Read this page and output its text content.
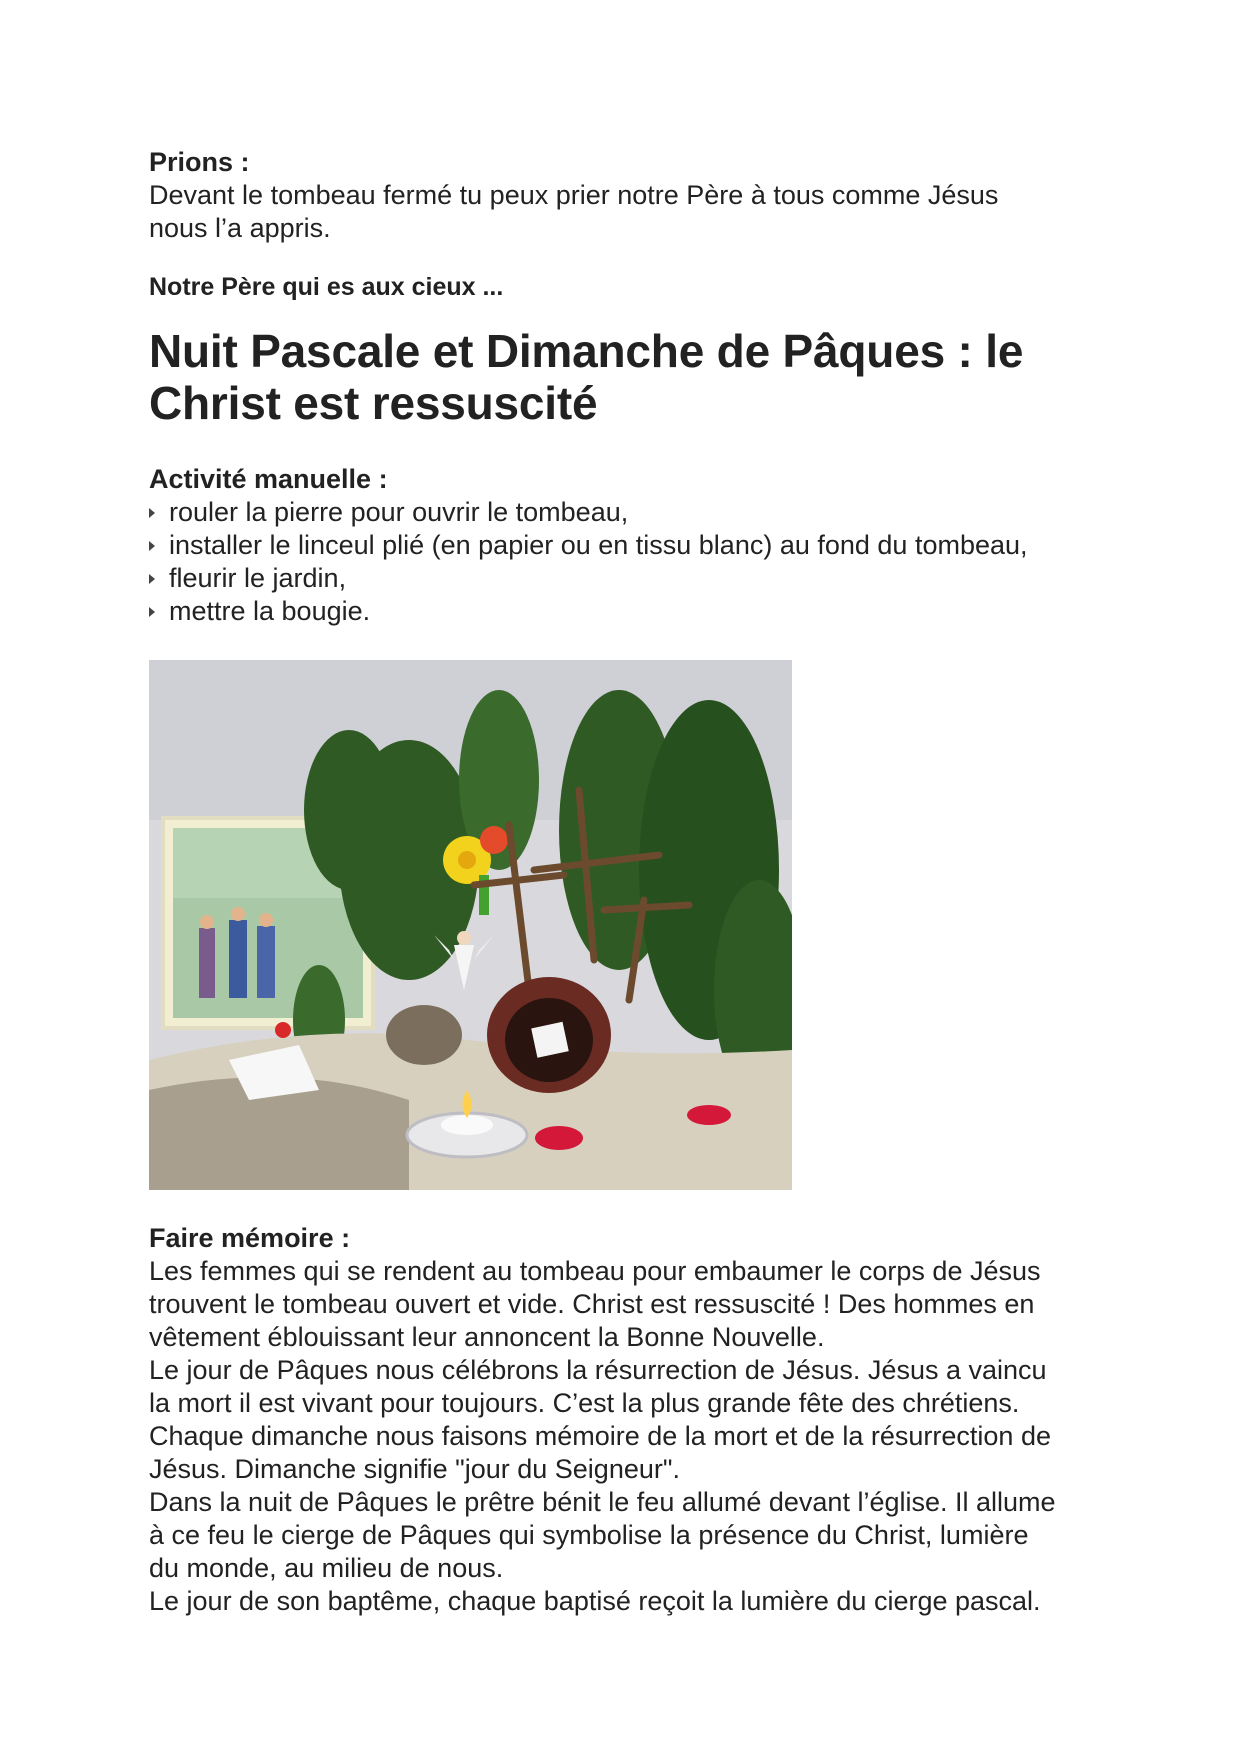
Prions :

Devant le tombeau fermé tu peux prier notre Père à tous comme Jésus

nous l’a appris.

Notre Père qui es aux cieux ...

Nuit Pascale et Dimanche de Pâques : le
Christ est ressuscité

Activité manuelle :

rouler la pierre pour ouvrir le tombeau,
installer le linceul plié (en papier ou en tissu blanc) au fond du tombeau,
fleurir le jardin,
mettre la bougie.

Faire mémoire :

Les femmes qui se rendent au tombeau pour embaumer le corps de Jésus

trouvent le tombeau ouvert et vide. Christ est ressuscité ! Des hommes en

vêtement éblouissant leur annoncent la Bonne Nouvelle.

Le jour de Pâques nous célébrons la résurrection de Jésus. Jésus a vaincu

la mort il est vivant pour toujours. C’est la plus grande fête des chrétiens.

Chaque dimanche nous faisons mémoire de la mort et de la résurrection de

Jésus. Dimanche signifie "jour du Seigneur".

Dans la nuit de Pâques le prêtre bénit le feu allumé devant l’église. Il allume

à ce feu le cierge de Pâques qui symbolise la présence du Christ, lumière

du monde, au milieu de nous.

Le jour de son baptême, chaque baptisé reçoit la lumière du cierge pascal.
